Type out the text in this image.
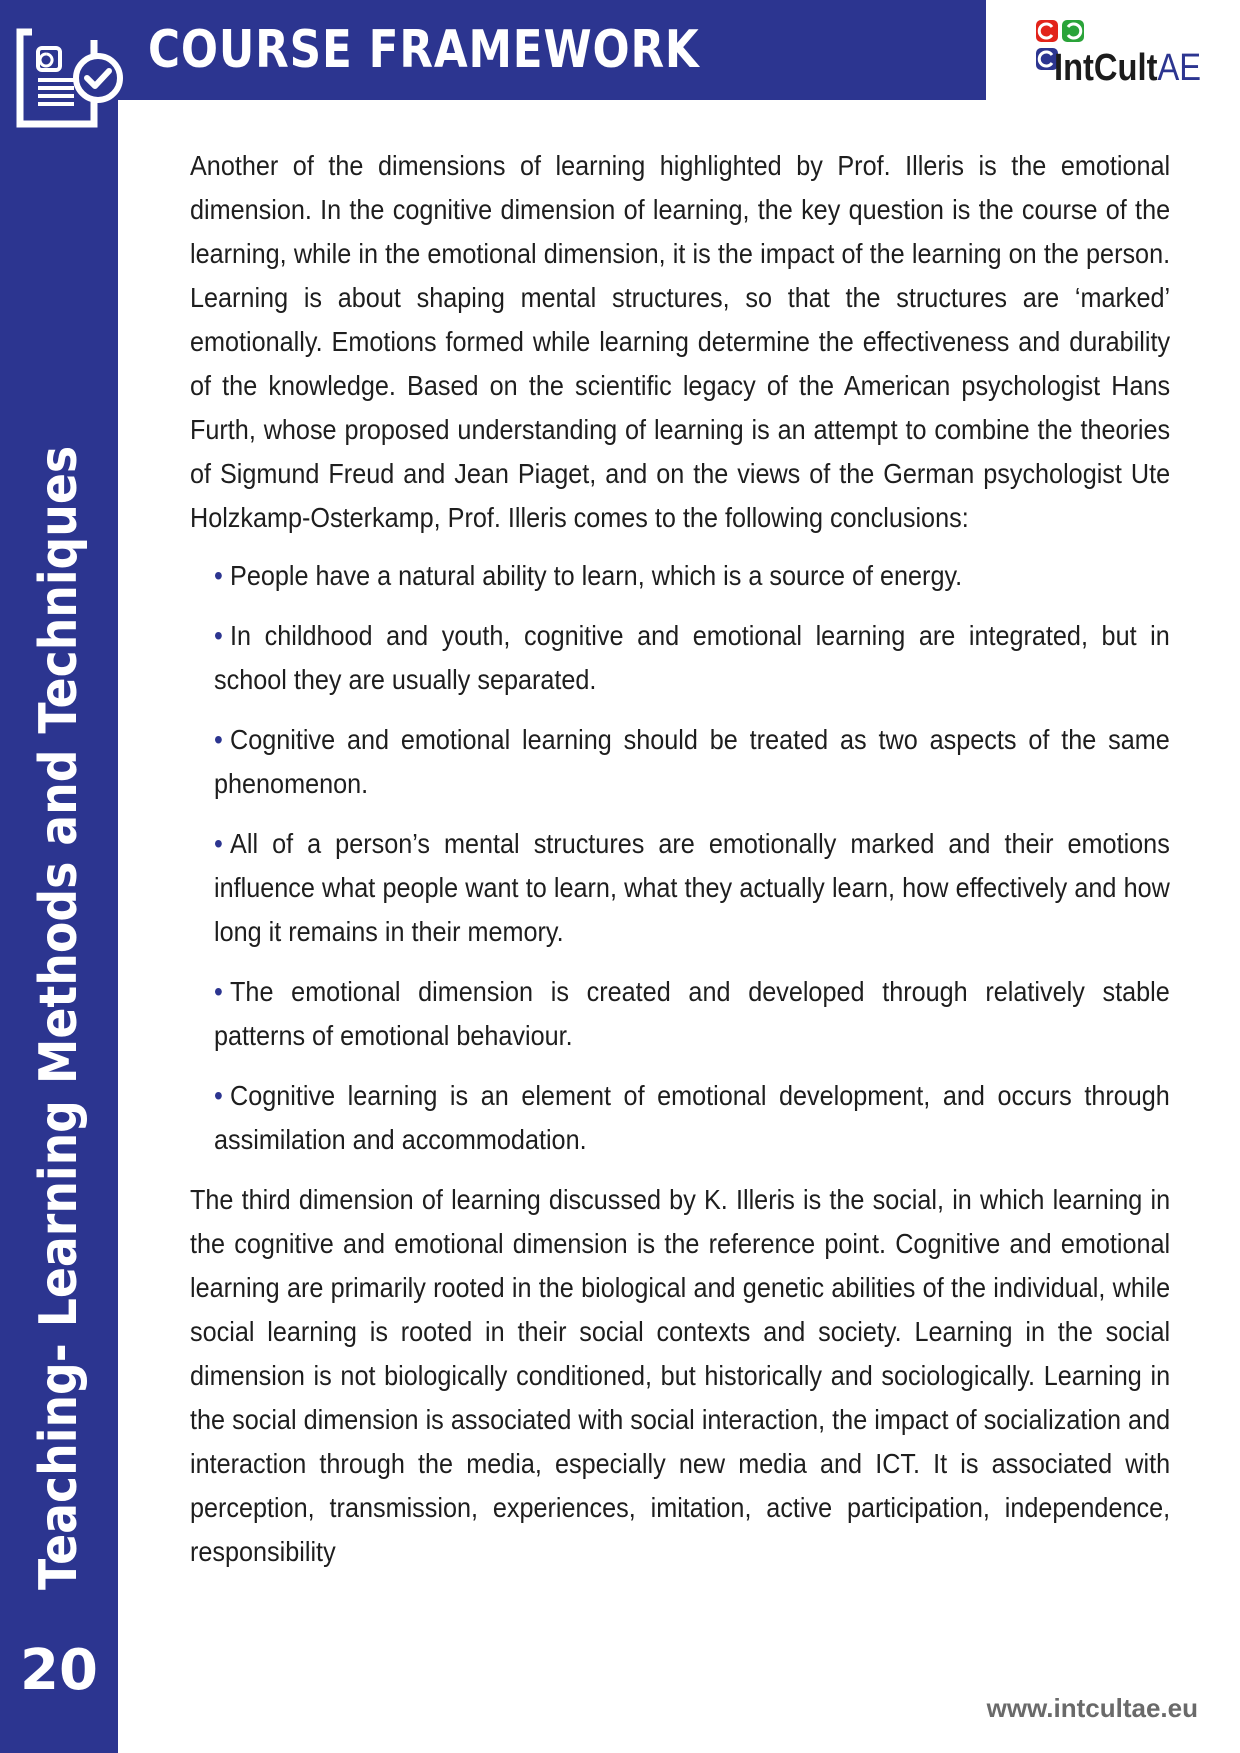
COURSE FRAMEWORK	IntCultAE
Teaching- Learning Methods and Techniques
20

Another of the dimensions of learning highlighted by Prof. Illeris is the emotional dimension. In the cognitive dimension of learning, the key question is the course of the learning, while in the emotional dimension, it is the impact of the learning on the person. Learning is about shaping mental structures, so that the structures are ‘marked’ emotionally. Emotions formed while learning determine the effectiveness and durability of the knowledge. Based on the scientific legacy of the American psychologist Hans Furth, whose proposed understanding of learning is an attempt to combine the theories of Sigmund Freud and Jean Piaget, and on the views of the German psychologist Ute Holzkamp-Osterkamp, Prof. Illeris comes to the following conclusions:

• People have a natural ability to learn, which is a source of energy.
• In childhood and youth, cognitive and emotional learning are integrated, but in school they are usually separated.
• Cognitive and emotional learning should be treated as two aspects of the same phenomenon.
• All of a person’s mental structures are emotionally marked and their emotions influence what people want to learn, what they actually learn, how effectively and how long it remains in their memory.
• The emotional dimension is created and developed through relatively stable patterns of emotional behaviour.
• Cognitive learning is an element of emotional development, and occurs through assimilation and accommodation.

The third dimension of learning discussed by K. Illeris is the social, in which learning in the cognitive and emotional dimension is the reference point. Cognitive and emotional learning are primarily rooted in the biological and genetic abilities of the individual, while social learning is rooted in their social contexts and society. Learning in the social dimension is not biologically conditioned, but historically and sociologically. Learning in the social dimension is associated with social interaction, the impact of socialization and interaction through the media, especially new media and ICT. It is associated with perception, transmission, experiences, imitation, active participation, independence, responsibility

www.intcultae.eu
